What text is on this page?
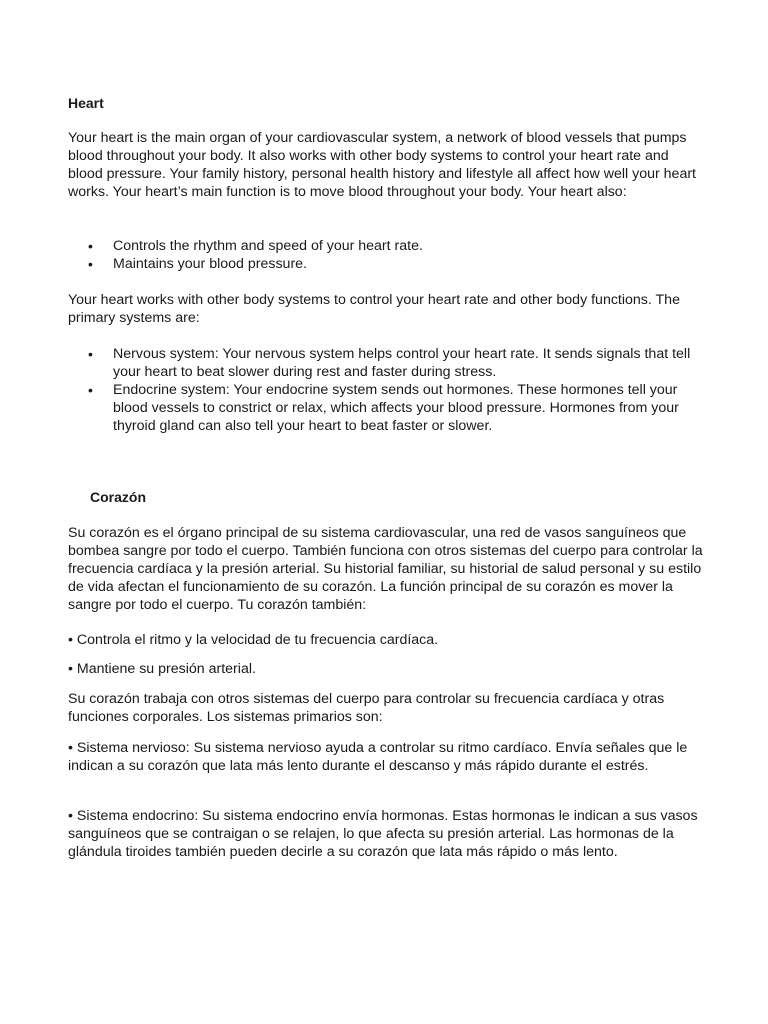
Heart

Your heart is the main organ of your cardiovascular system, a network of blood vessels that pumps blood throughout your body. It also works with other body systems to control your heart rate and blood pressure. Your family history, personal health history and lifestyle all affect how well your heart works. Your heart’s main function is to move blood throughout your body. Your heart also:

• Controls the rhythm and speed of your heart rate.
• Maintains your blood pressure.

Your heart works with other body systems to control your heart rate and other body functions. The primary systems are:

• Nervous system: Your nervous system helps control your heart rate. It sends signals that tell your heart to beat slower during rest and faster during stress.
• Endocrine system: Your endocrine system sends out hormones. These hormones tell your blood vessels to constrict or relax, which affects your blood pressure. Hormones from your thyroid gland can also tell your heart to beat faster or slower.
Corazón

Su corazón es el órgano principal de su sistema cardiovascular, una red de vasos sanguíneos que bombea sangre por todo el cuerpo. También funciona con otros sistemas del cuerpo para controlar la frecuencia cardíaca y la presión arterial. Su historial familiar, su historial de salud personal y su estilo de vida afectan el funcionamiento de su corazón. La función principal de su corazón es mover la sangre por todo el cuerpo. Tu corazón también:

• Controla el ritmo y la velocidad de tu frecuencia cardíaca.

• Mantiene su presión arterial.

Su corazón trabaja con otros sistemas del cuerpo para controlar su frecuencia cardíaca y otras funciones corporales. Los sistemas primarios son:

• Sistema nervioso: Su sistema nervioso ayuda a controlar su ritmo cardíaco. Envía señales que le indican a su corazón que lata más lento durante el descanso y más rápido durante el estrés.

• Sistema endocrino: Su sistema endocrino envía hormonas. Estas hormonas le indican a sus vasos sanguíneos que se contraigan o se relajen, lo que afecta su presión arterial. Las hormonas de la glándula tiroides también pueden decirle a su corazón que lata más rápido o más lento.
